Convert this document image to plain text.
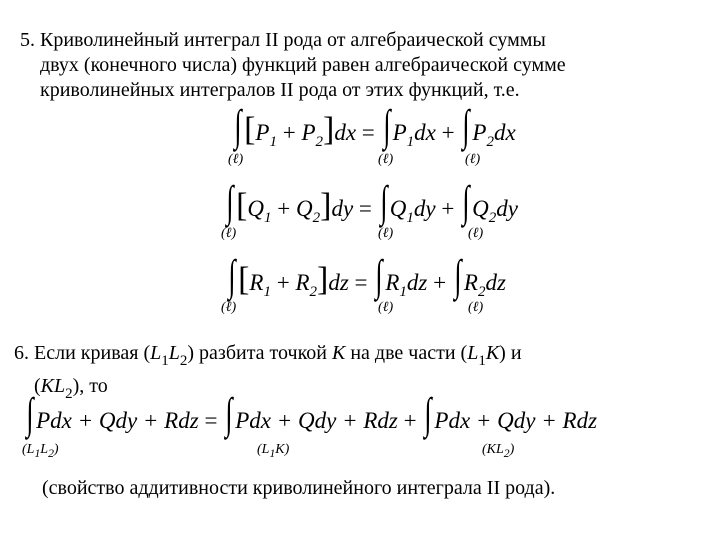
5. Криволинейный интеграл II рода от алгебраической суммы
двух (конечного числа) функций равен алгебраической сумме
криволинейных интегралов II рода от этих функций, т.е.
$\int[P_1 + P_2]dx$ = ∫ $P_1dx$ + ∫ $P_2dx$
(ℓ)	(ℓ)	(ℓ)
$\int[Q_1 + Q_2]dy$ = ∫ $Q_1dy$ + ∫ $Q_2dy$
(ℓ)	(ℓ)	(ℓ)
$\int[R_1 + R_2]dz$ = ∫ $R_1dz$ + ∫ $R_2dz$
(ℓ)	(ℓ)	(ℓ)
6. Если кривая $(L_1L_2)$ разбита точкой K на две части $(L_1K)$ и
$(KL_2)$, то
∫ Pdx + Qdy + Rdz = ∫ Pdx + Qdy + Rdz + ∫ Pdx + Qdy + Rdz
$(L_1L_2)$	$(L_1K)$	$(KL_2)$
(свойство аддитивности криволинейного интеграла II рода).
